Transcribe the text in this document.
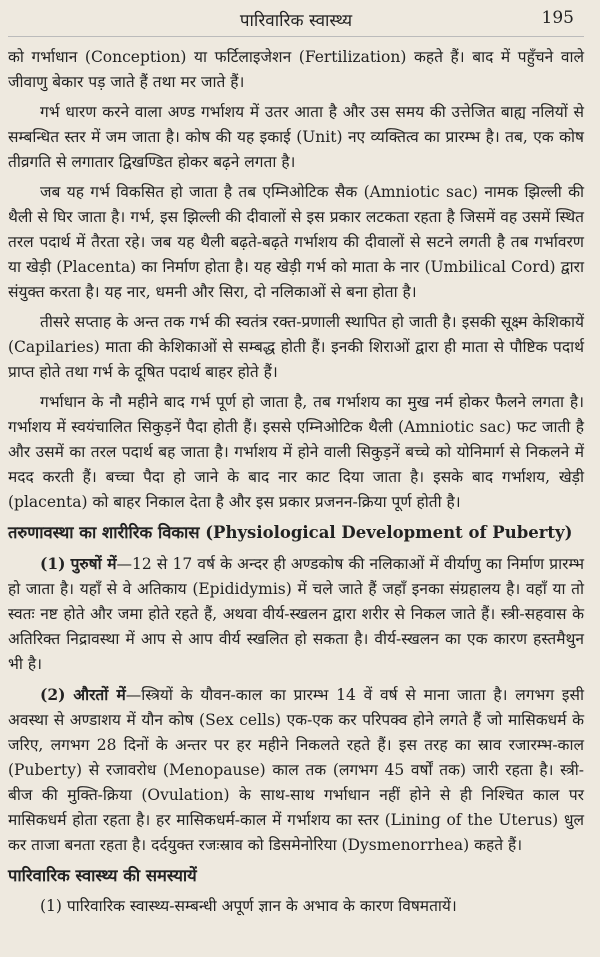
पारिवारिक स्वास्थ्य	195

को गर्भाधान (Conception) या फर्टिलाइजेशन (Fertilization) कहते हैं। बाद में पहुँचने वाले जीवाणु बेकार पड़ जाते हैं तथा मर जाते हैं।

गर्भ धारण करने वाला अण्ड गर्भाशय में उतर आता है और उस समय की उत्तेजित बाह्य नलियों से सम्बन्धित स्तर में जम जाता है। कोष की यह इकाई (Unit) नए व्यक्तित्व का प्रारम्भ है। तब, एक कोष तीव्रगति से लगातार द्विखण्डित होकर बढ़ने लगता है।

जब यह गर्भ विकसित हो जाता है तब एम्निओटिक सैक (Amniotic sac) नामक झिल्ली की थैली से घिर जाता है। गर्भ, इस झिल्ली की दीवालों से इस प्रकार लटकता रहता है जिसमें वह उसमें स्थित तरल पदार्थ में तैरता रहे। जब यह थैली बढ़ते-बढ़ते गर्भाशय की दीवालों से सटने लगती है तब गर्भावरण या खेड़ी (Placenta) का निर्माण होता है। यह खेड़ी गर्भ को माता के नार (Umbilical Cord) द्वारा संयुक्त करता है। यह नार, धमनी और सिरा, दो नलिकाओं से बना होता है।

तीसरे सप्ताह के अन्त तक गर्भ की स्वतंत्र रक्त-प्रणाली स्थापित हो जाती है। इसकी सूक्ष्म केशिकायें (Capilaries) माता की केशिकाओं से सम्बद्ध होती हैं। इनकी शिराओं द्वारा ही माता से पौष्टिक पदार्थ प्राप्त होते तथा गर्भ के दूषित पदार्थ बाहर होते हैं।

गर्भाधान के नौ महीने बाद गर्भ पूर्ण हो जाता है, तब गर्भाशय का मुख नर्म होकर फैलने लगता है। गर्भाशय में स्वयंचालित सिकुड़नें पैदा होती हैं। इससे एम्निओटिक थैली (Amniotic sac) फट जाती है और उसमें का तरल पदार्थ बह जाता है। गर्भाशय में होने वाली सिकुड़नें बच्चे को योनिमार्ग से निकलने में मदद करती हैं। बच्चा पैदा हो जाने के बाद नार काट दिया जाता है। इसके बाद गर्भाशय, खेड़ी (placenta) को बाहर निकाल देता है और इस प्रकार प्रजनन-क्रिया पूर्ण होती है।

तरुणावस्था का शारीरिक विकास (Physiological Development of Puberty)

(1) पुरुषों में—12 से 17 वर्ष के अन्दर ही अण्डकोष की नलिकाओं में वीर्याणु का निर्माण प्रारम्भ हो जाता है। यहाँ से वे अतिकाय (Epididymis) में चले जाते हैं जहाँ इनका संग्रहालय है। वहाँ या तो स्वतः नष्ट होते और जमा होते रहते हैं, अथवा वीर्य-स्खलन द्वारा शरीर से निकल जाते हैं। स्त्री-सहवास के अतिरिक्त निद्रावस्था में आप से आप वीर्य स्खलित हो सकता है। वीर्य-स्खलन का एक कारण हस्तमैथुन भी है।

(2) औरतों में—स्त्रियों के यौवन-काल का प्रारम्भ 14 वें वर्ष से माना जाता है। लगभग इसी अवस्था से अण्डाशय में यौन कोष (Sex cells) एक-एक कर परिपक्व होने लगते हैं जो मासिकधर्म के जरिए, लगभग 28 दिनों के अन्तर पर हर महीने निकलते रहते हैं। इस तरह का स्राव रजारम्भ-काल (Puberty) से रजावरोध (Menopause) काल तक (लगभग 45 वर्षों तक) जारी रहता है। स्त्री-बीज की मुक्ति-क्रिया (Ovulation) के साथ-साथ गर्भाधान नहीं होने से ही निश्चित काल पर मासिकधर्म होता रहता है। हर मासिकधर्म-काल में गर्भाशय का स्तर (Lining of the Uterus) धुल कर ताजा बनता रहता है। दर्दयुक्त रजःस्राव को डिसमेनोरिया (Dysmenorrhea) कहते हैं।

पारिवारिक स्वास्थ्य की समस्यायें
(1) पारिवारिक स्वास्थ्य-सम्बन्धी अपूर्ण ज्ञान के अभाव के कारण विषमतायें।
